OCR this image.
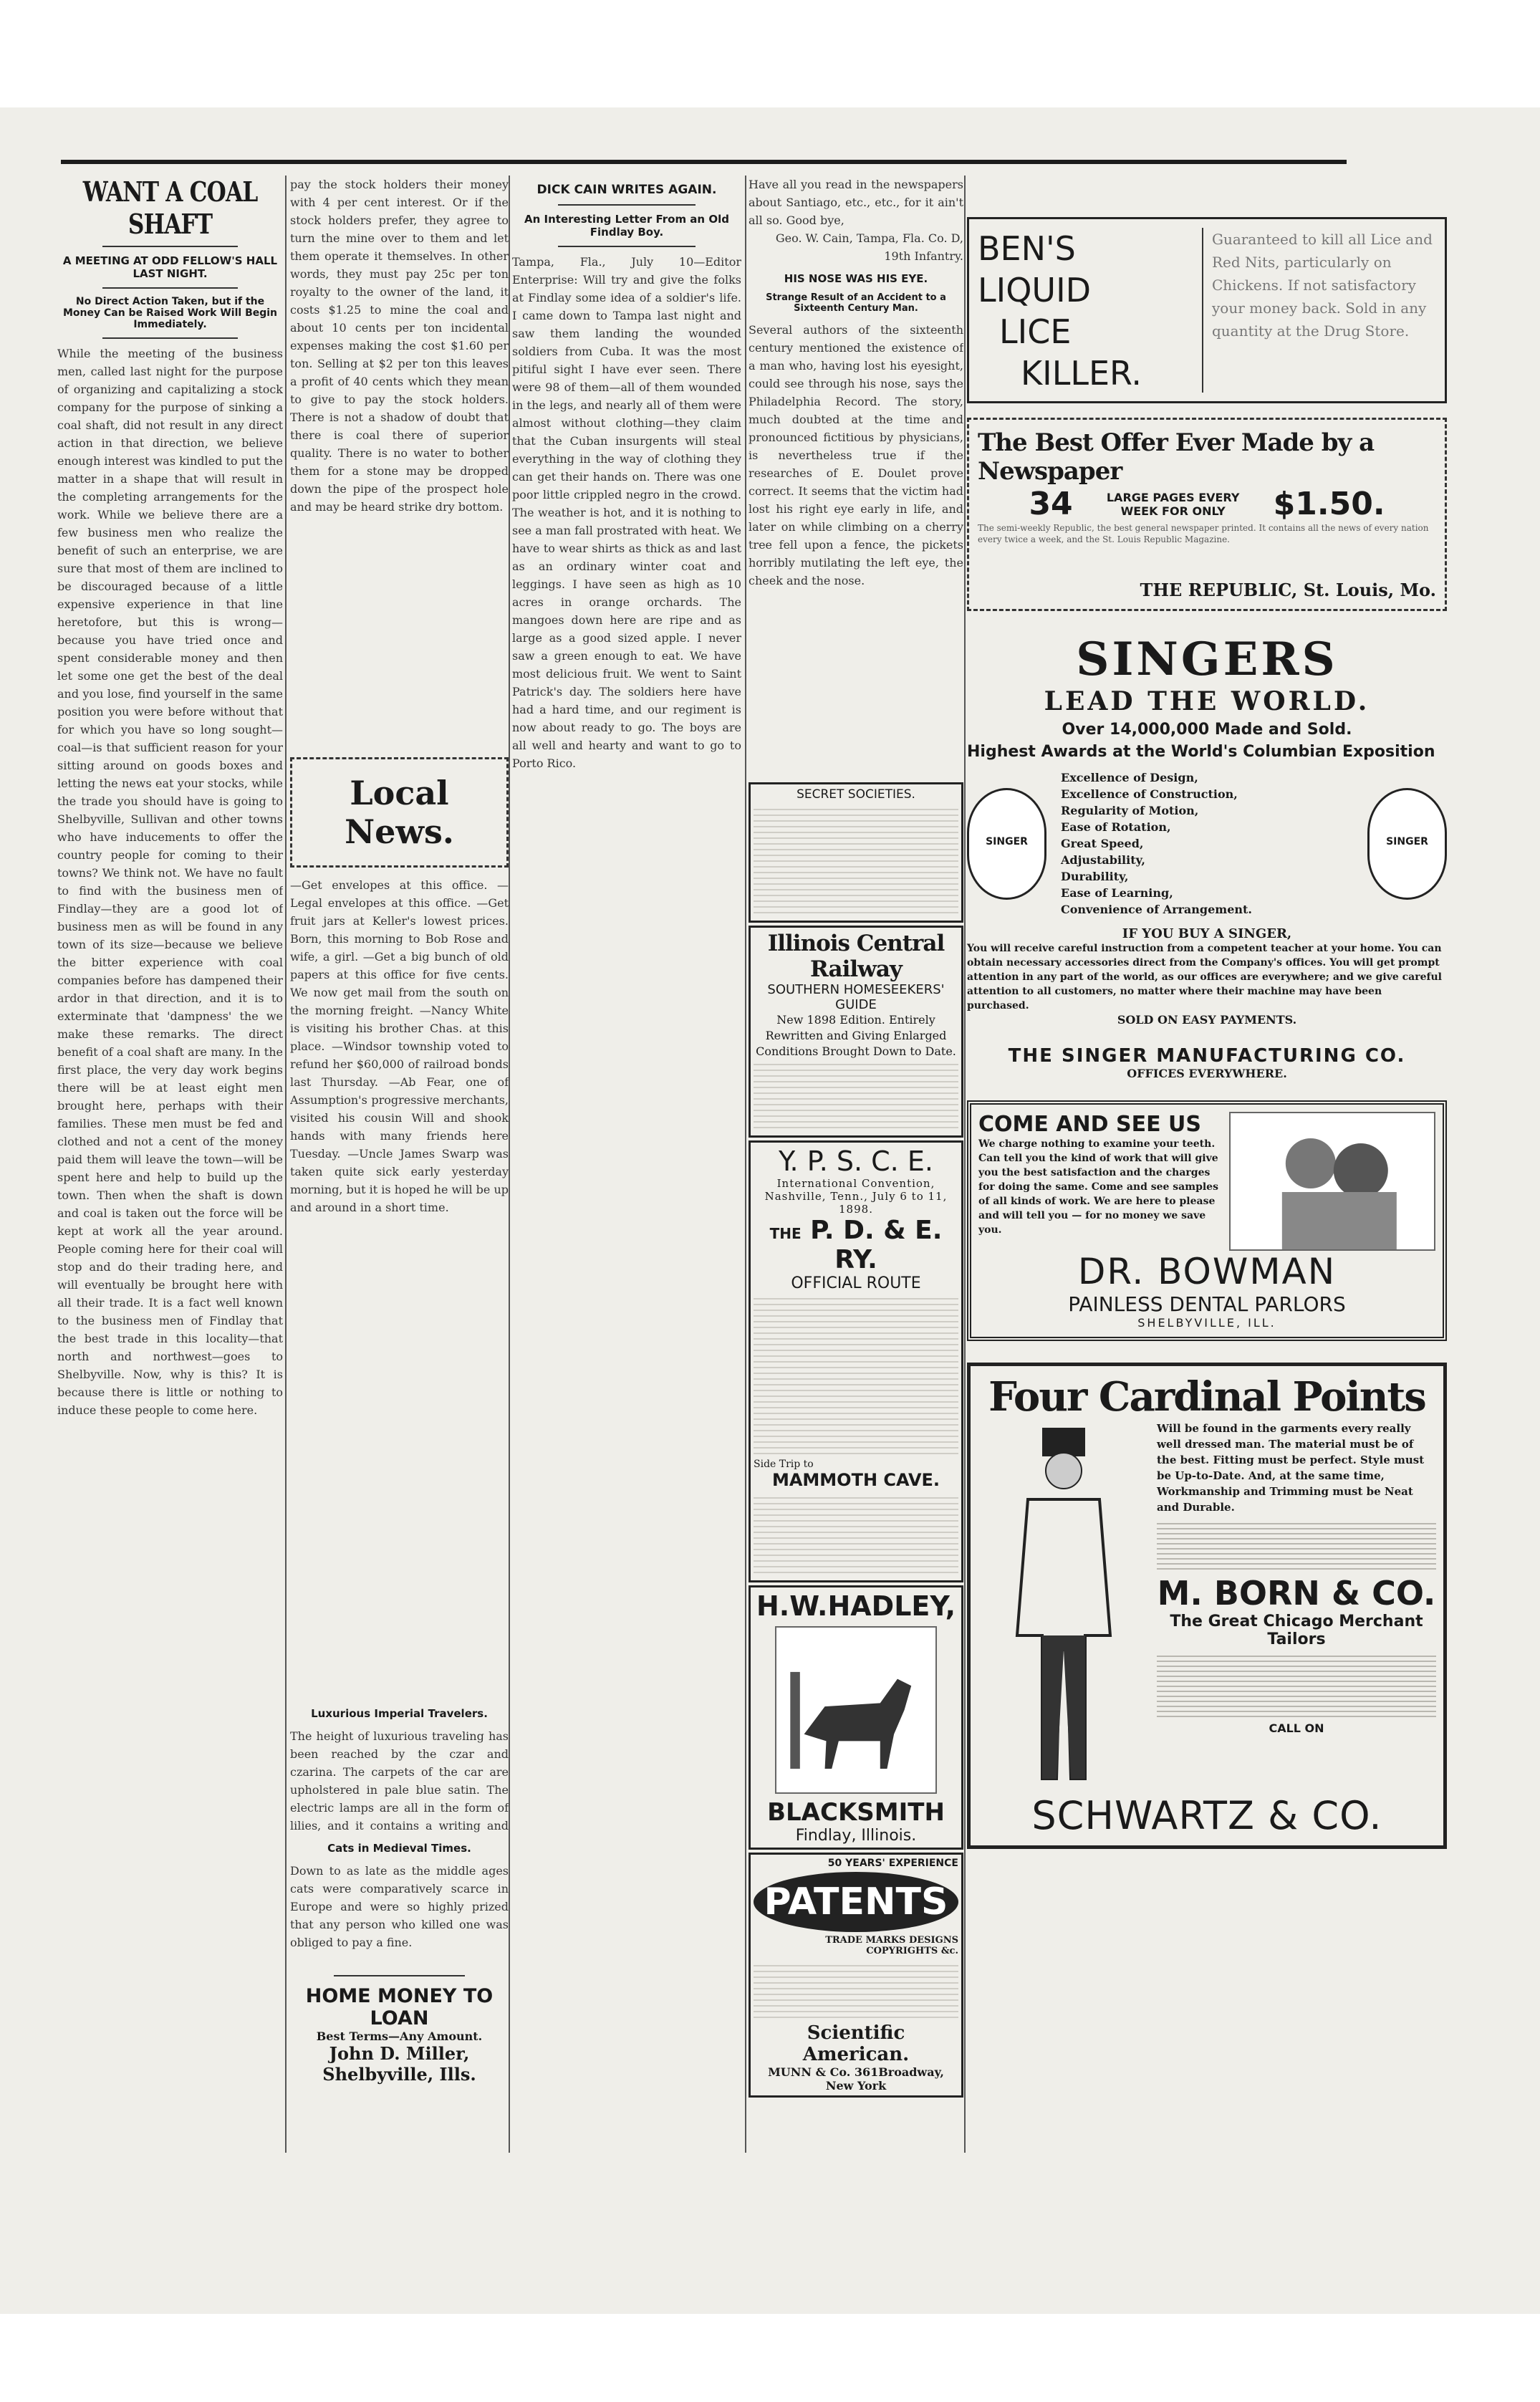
WANT A COAL SHAFT
A MEETING AT ODD FELLOW'S HALL LAST NIGHT.
No Direct Action Taken, but if the Money Can be Raised Work Will Begin Immediately.
While the meeting of the business men, called last night for the purpose of organizing and capitalizing a stock company for the purpose of sinking a coal shaft, did not result in any direct action in that direction, we believe enough interest was kindled to put the matter in a shape that will result in the completing arrangements for the work. While we believe there are a few business men who realize the benefit of such an enterprise, we are sure that most of them are inclined to be discouraged because of a little expensive experience in that line heretofore, but this is wrong—because you have tried once and spent considerable money and then let some one get the best of the deal and you lose, find yourself in the same position you were before without that for which you have so long sought—coal—is that sufficient reason for your sitting around on goods boxes and letting the news eat your stocks, while the trade you should have is going to Shelbyville, Sullivan and other towns who have inducements to offer the country people for coming to their towns? We think not. We have no fault to find with the business men of Findlay—they are a good lot of business men as will be found in any town of its size—because we believe the bitter experience with coal companies before has dampened their ardor in that direction, and it is to exterminate that 'dampness' the we make these remarks. The direct benefit of a coal shaft are many. In the first place, the very day work begins there will be at least eight men brought here, perhaps with their families. These men must be fed and clothed and not a cent of the money paid them will leave the town—will be spent here and help to build up the town. Then when the shaft is down and coal is taken out the force will be kept at work all the year around. People coming here for their coal will stop and do their trading here, and will eventually be brought here with all their trade. It is a fact well known to the business men of Findlay that the best trade in this locality—that north and northwest—goes to Shelbyville. Now, why is this? It is because there is little or nothing to induce these people to come here.
pay the stock holders their money with 4 per cent interest. Or if the stock holders prefer, they agree to turn the mine over to them and let them operate it themselves. In other words, they must pay 25c per ton royalty to the owner of the land, it costs $1.25 to mine the coal and about 10 cents per ton incidental expenses making the cost $1.60 per ton. Selling at $2 per ton this leaves a profit of 40 cents which they mean to give to pay the stock holders. There is not a shadow of doubt that there is coal there of superior quality. There is no water to bother them for a stone may be dropped down the pipe of the prospect hole and may be heard strike dry bottom.
Local News.
—Get envelopes at this office. —Legal envelopes at this office. —Get fruit jars at Keller's lowest prices. Born, this morning to Bob Rose and wife, a girl. —Get a big bunch of old papers at this office for five cents. We now get mail from the south on the morning freight. —Nancy White is visiting his brother Chas. at this place. —Windsor township voted to refund her $60,000 of railroad bonds last Thursday. —Ab Fear, one of Assumption's progressive merchants, visited his cousin Will and shook hands with many friends here Tuesday. —Uncle James Swarp was taken quite sick early yesterday morning, but it is hoped he will be up and around in a short time.
Luxurious Imperial Travelers.
The height of luxurious traveling has been reached by the czar and czarina. The carpets of the car are upholstered in pale blue satin. The electric lamps are all in the form of lilies, and it contains a writing and
Cats in Medieval Times.
Down to as late as the middle ages cats were comparatively scarce in Europe and were so highly prized that any person who killed one was obliged to pay a fine.
HOME MONEY TO LOAN
Best Terms—Any Amount.
John D. Miller, Shelbyville, Ills.
DICK CAIN WRITES AGAIN.
An Interesting Letter From an Old Findlay Boy.
Tampa, Fla., July 10—Editor Enterprise: Will try and give the folks at Findlay some idea of a soldier's life. I came down to Tampa last night and saw them landing the wounded soldiers from Cuba. It was the most pitiful sight I have ever seen. There were 98 of them—all of them wounded in the legs, and nearly all of them were almost without clothing—they claim that the Cuban insurgents will steal everything in the way of clothing they can get their hands on. There was one poor little crippled negro in the crowd. The weather is hot, and it is nothing to see a man fall prostrated with heat. We have to wear shirts as thick as and last as an ordinary winter coat and leggings. I have seen as high as 10 acres in orange orchards. The mangoes down here are ripe and as large as a good sized apple. I never saw a green enough to eat. We have most delicious fruit. We went to Saint Patrick's day. The soldiers here have had a hard time, and our regiment is now about ready to go. The boys are all well and hearty and want to go to Porto Rico.
Have all you read in the newspapers about Santiago, etc., etc., for it ain't all so. Good bye,
Geo. W. Cain, Tampa, Fla. Co. D, 19th Infantry.
HIS NOSE WAS HIS EYE.
Strange Result of an Accident to a Sixteenth Century Man.
Several authors of the sixteenth century mentioned the existence of a man who, having lost his eyesight, could see through his nose, says the Philadelphia Record. The story, much doubted at the time and pronounced fictitious by physicians, is nevertheless true if the researches of E. Doulet prove correct. It seems that the victim had lost his right eye early in life, and later on while climbing on a cherry tree fell upon a fence, the pickets horribly mutilating the left eye, the cheek and the nose.
SECRET SOCIETIES.
Illinois Central Railway
SOUTHERN HOMESEEKERS' GUIDE
New 1898 Edition. Entirely Rewritten and Giving Enlarged Conditions Brought Down to Date.
Y. P. S. C. E.
International Convention, Nashville, Tenn., July 6 to 11, 1898.
THE P. D. & E. RY.
OFFICIAL ROUTE
Side Trip to
MAMMOTH CAVE.
H.W.HADLEY,
BLACKSMITH
Findlay, Illinois.
50 YEARS' EXPERIENCE
PATENTS
TRADE MARKS DESIGNS COPYRIGHTS &c.
Scientific American.
MUNN & Co. 361Broadway, New York
BEN'S
LIQUID
LICE
KILLER.
Guaranteed to kill all Lice and Red Nits, particularly on Chickens. If not satisfactory your money back. Sold in any quantity at the Drug Store.
The Best Offer Ever Made by a Newspaper
34	LARGE PAGES EVERY WEEK FOR ONLY	$1.50.
The semi-weekly Republic, the best general newspaper printed. It contains all the news of every nation every twice a week, and the St. Louis Republic Magazine.
THE REPUBLIC, St. Louis, Mo.
SINGERS
LEAD THE WORLD.
Over 14,000,000 Made and Sold.
Highest Awards at the World's Columbian Exposition
SINGER
Excellence of Design,
Excellence of Construction,
Regularity of Motion,
Ease of Rotation,
Great Speed,
Adjustability,
Durability,
Ease of Learning,
Convenience of Arrangement.
SINGER
IF YOU BUY A SINGER,
You will receive careful instruction from a competent teacher at your home. You can obtain necessary accessories direct from the Company's offices. You will get prompt attention in any part of the world, as our offices are everywhere; and we give careful attention to all customers, no matter where their machine may have been purchased.
SOLD ON EASY PAYMENTS.
THE SINGER MANUFACTURING CO.
OFFICES EVERYWHERE.
COME AND SEE US
We charge nothing to examine your teeth. Can tell you the kind of work that will give you the best satisfaction and the charges for doing the same. Come and see samples of all kinds of work. We are here to please and will tell you — for no money we save you.
DR. BOWMAN
PAINLESS DENTAL PARLORS
SHELBYVILLE, ILL.
Four Cardinal Points
Will be found in the garments every really well dressed man. The material must be of the best. Fitting must be perfect. Style must be Up-to-Date. And, at the same time, Workmanship and Trimming must be Neat and Durable.
M. BORN & CO.
The Great Chicago Merchant Tailors
CALL ON
SCHWARTZ & CO.
